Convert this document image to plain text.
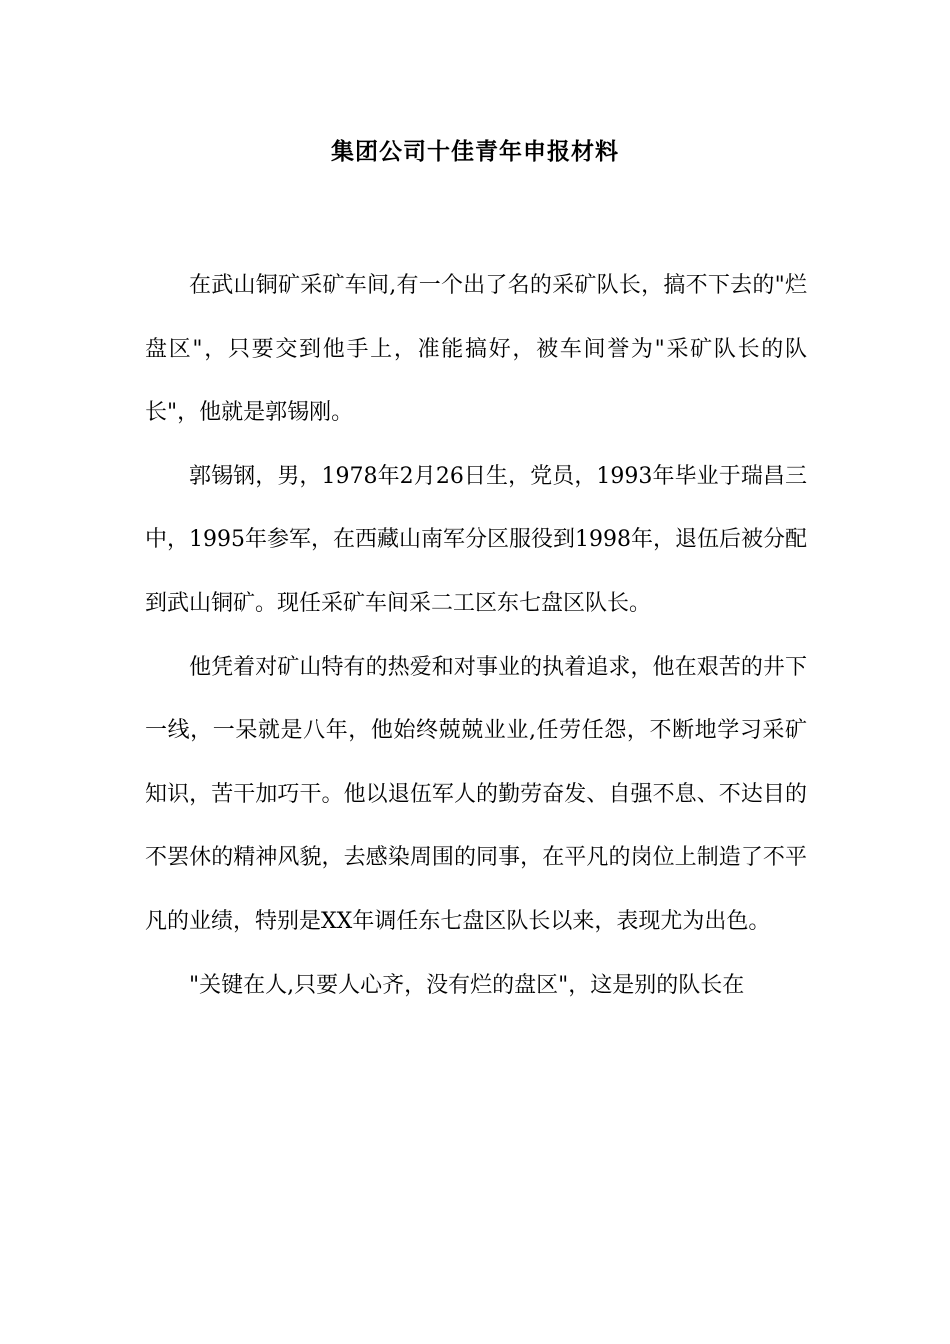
集团公司十佳青年申报材料

在武山铜矿采矿车间,有一个出了名的采矿队长，搞不下去的"烂盘区"，只要交到他手上，准能搞好，被车间誉为"采矿队长的队长"，他就是郭锡刚。

郭锡钢，男，1978年2月26日生，党员，1993年毕业于瑞昌三中，1995年参军，在西藏山南军分区服役到1998年，退伍后被分配到武山铜矿。现任采矿车间采二工区东七盘区队长。

他凭着对矿山特有的热爱和对事业的执着追求，他在艰苦的井下一线，一呆就是八年，他始终兢兢业业,任劳任怨，不断地学习采矿知识，苦干加巧干。他以退伍军人的勤劳奋发、自强不息、不达目的不罢休的精神风貌，去感染周围的同事，在平凡的岗位上制造了不平凡的业绩，特别是XX年调任东七盘区队长以来，表现尤为出色。

"关键在人,只要人心齐，没有烂的盘区"，这是别的队长在
